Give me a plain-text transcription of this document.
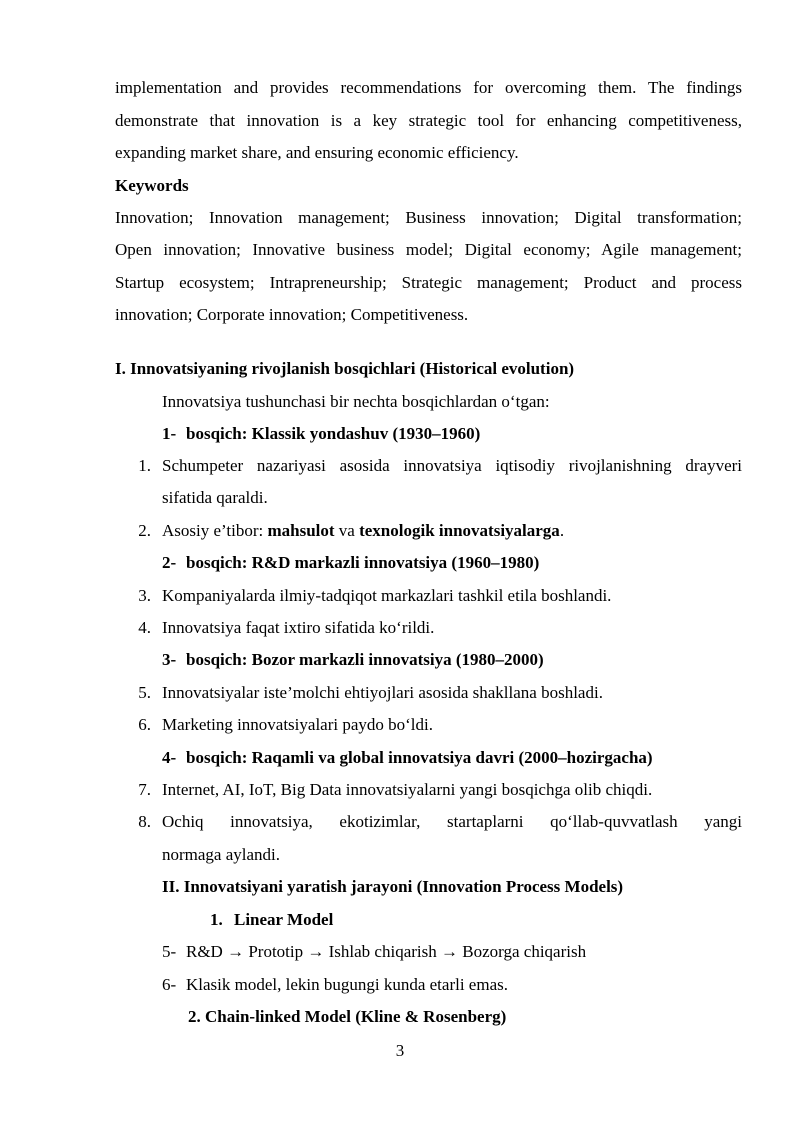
implementation and provides recommendations for overcoming them. The findings
demonstrate that innovation is a key strategic tool for enhancing competitiveness,
expanding market share, and ensuring economic efficiency.
Keywords
Innovation; Innovation management; Business innovation; Digital transformation;
Open innovation; Innovative business model; Digital economy; Agile management;
Startup ecosystem; Intrapreneurship; Strategic management; Product and process
innovation; Corporate innovation; Competitiveness.
I. Innovatsiyaning rivojlanish bosqichlari (Historical evolution)
Innovatsiya tushunchasi bir nechta bosqichlardan o‘tgan:
1- bosqich: Klassik yondashuv (1930–1960)
1. Schumpeter nazariyasi asosida innovatsiya iqtisodiy rivojlanishning drayveri
sifatida qaraldi.
2. Asosiy e’tibor: mahsulot va texnologik innovatsiyalarga.
2- bosqich: R&D markazli innovatsiya (1960–1980)
3. Kompaniyalarda ilmiy-tadqiqot markazlari tashkil etila boshlandi.
4. Innovatsiya faqat ixtiro sifatida ko‘rildi.
3- bosqich: Bozor markazli innovatsiya (1980–2000)
5. Innovatsiyalar iste’molchi ehtiyojlari asosida shakllana boshladi.
6. Marketing innovatsiyalari paydo bo‘ldi.
4- bosqich: Raqamli va global innovatsiya davri (2000–hozirgacha)
7. Internet, AI, IoT, Big Data innovatsiyalarni yangi bosqichga olib chiqdi.
8. Ochiq innovatsiya, ekotizimlar, startaplarni qo‘llab-quvvatlash yangi
normaga aylandi.
II. Innovatsiyani yaratish jarayoni (Innovation Process Models)
1. Linear Model
5- R&D → Prototip → Ishlab chiqarish → Bozorga chiqarish
6- Klasik model, lekin bugungi kunda etarli emas.
2. Chain-linked Model (Kline & Rosenberg)
3
